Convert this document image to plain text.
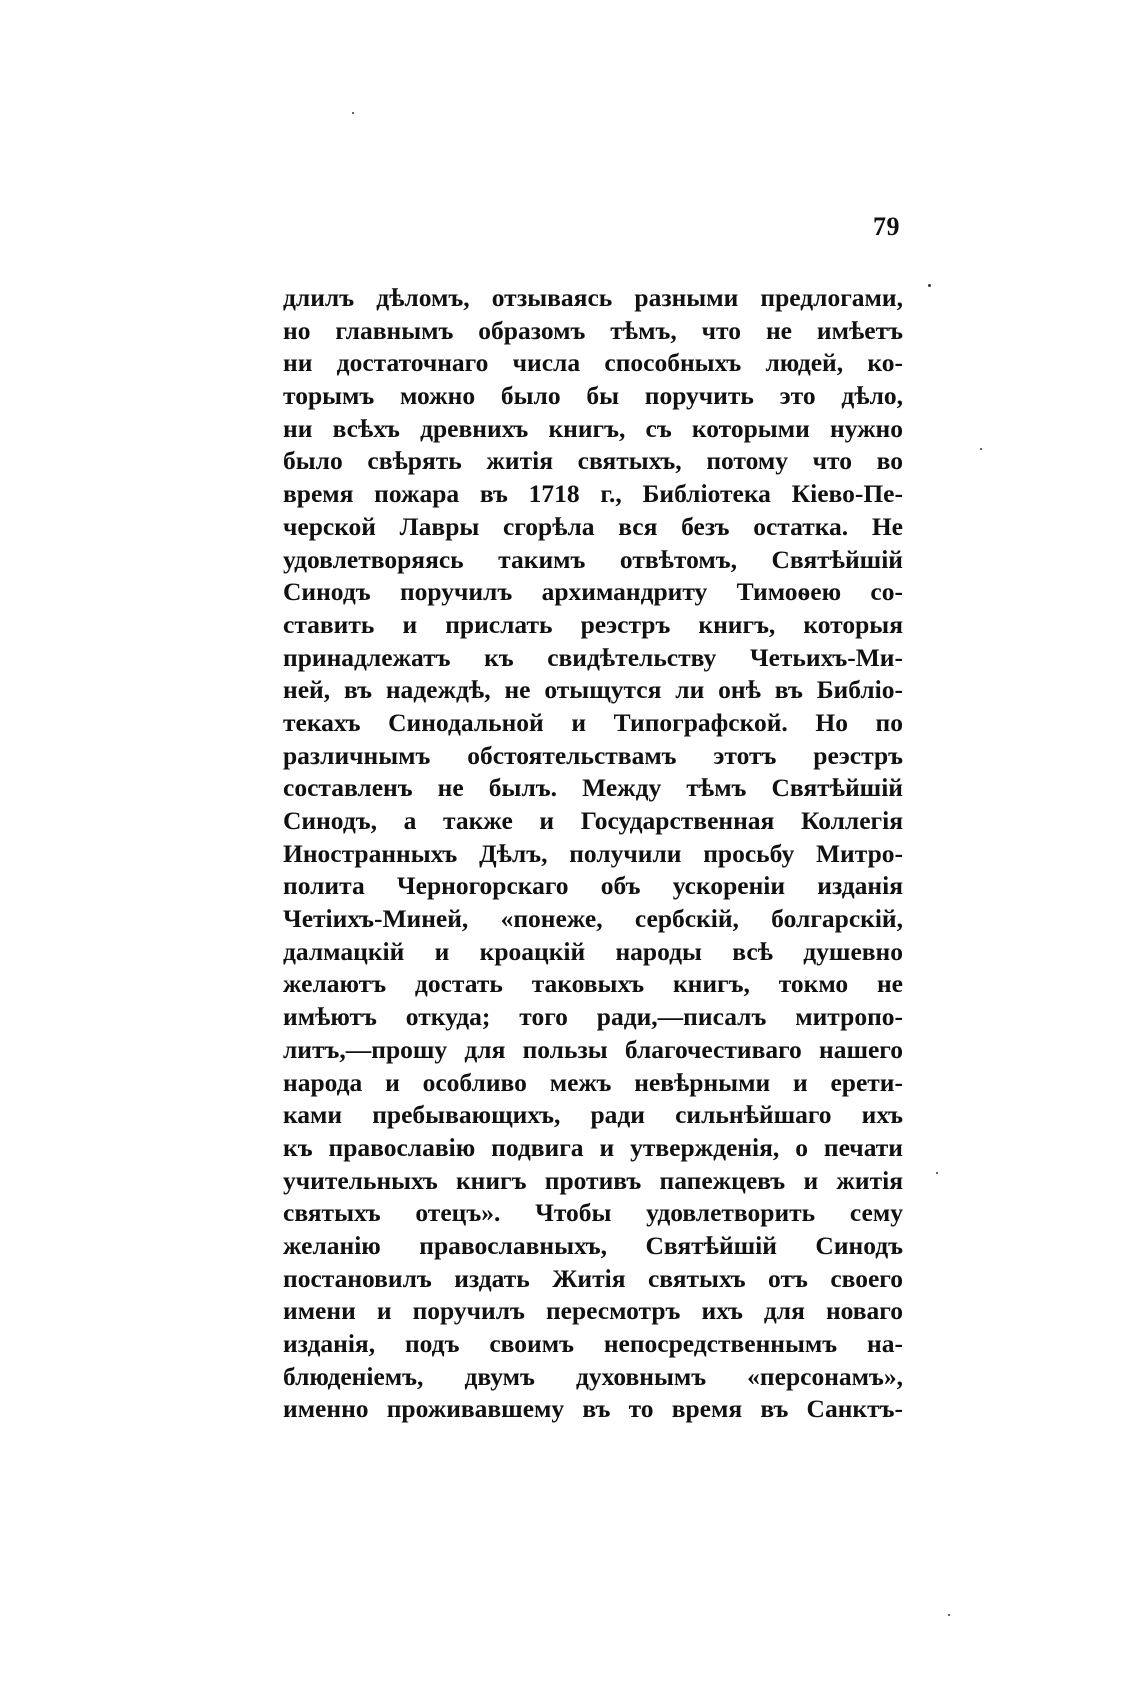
79
длилъ дѣломъ, отзываясь разными предлогами,
но главнымъ образомъ тѣмъ, что не имѣетъ
ни достаточнаго числа способныхъ людей, ко-
торымъ можно было бы поручить это дѣло,
ни всѣхъ древнихъ книгъ, съ которыми нужно
было свѣрять житія святыхъ, потому что во
время пожара въ 1718 г., Библіотека Кіево-Пе-
черской Лавры сгорѣла вся безъ остатка. Не
удовлетворяясь такимъ отвѣтомъ, Святѣйшій
Синодъ поручилъ архимандриту Тимоѳею со-
ставить и прислать реэстръ книгъ, которыя
принадлежатъ къ свидѣтельству Четьихъ-Ми-
ней, въ надеждѣ, не отыщутся ли онѣ въ Библіо-
текахъ Синодальной и Типографской. Но по
различнымъ обстоятельствамъ этотъ реэстръ
составленъ не былъ. Между тѣмъ Святѣйшій
Синодъ, а также и Государственная Коллегія
Иностранныхъ Дѣлъ, получили просьбу Митро-
полита Черногорскаго объ ускореніи изданія
Четіихъ-Миней, «понеже, сербскій, болгарскій,
далмацкій и кроацкій народы всѣ душевно
желаютъ достать таковыхъ книгъ, токмо не
имѣютъ откуда; того ради,—писалъ митропо-
литъ,—прошу для пользы благочестиваго нашего
народа и особливо межъ невѣрными и ерети-
ками пребывающихъ, ради сильнѣйшаго ихъ
къ православію подвига и утвержденія, о печати
учительныхъ книгъ противъ папежцевъ и житія
святыхъ отецъ». Чтобы удовлетворить сему
желанію православныхъ, Святѣйшій Синодъ
постановилъ издать Житія святыхъ отъ своего
имени и поручилъ пересмотръ ихъ для новаго
изданія, подъ своимъ непосредственнымъ на-
блюденіемъ, двумъ духовнымъ «персонамъ»,
именно проживавшему въ то время въ Санктъ-
